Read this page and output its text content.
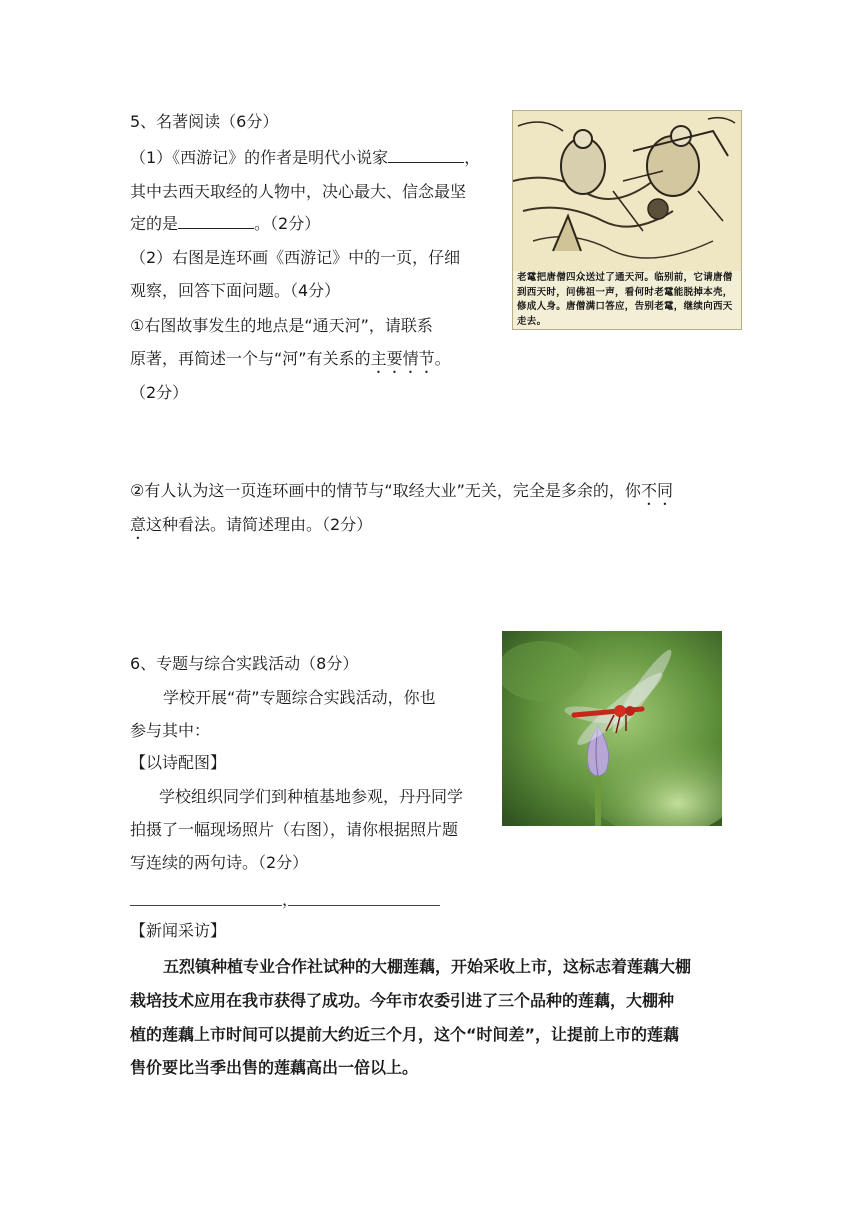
5、名著阅读（6分）
（1）《西游记》的作者是明代小说家	，
其中去西天取经的人物中，决心最大、信念最坚
定的是	。（2分）
（2）右图是连环画《西游记》中的一页，仔细
观察，回答下面问题。（4分）
①右图故事发生的地点是“通天河”，请联系
原著，再简述一个与“河”有关系的主要情节。
（2分）
②有人认为这一页连环画中的情节与“取经大业”无关，完全是多余的，你不同
意这种看法。请简述理由。（2分）
老鼋把唐僧四众送过了通天河。临别前，它请唐僧到西天时，问佛祖一声，看何时老鼋能脱掉本壳，修成人身。唐僧满口答应，告别老鼋，继续向西天走去。
6、专题与综合实践活动（8分）
学校开展“荷”专题综合实践活动，你也
参与其中：
【以诗配图】
学校组织同学们到种植基地参观，丹丹同学
拍摄了一幅现场照片（右图），请你根据照片题
写连续的两句诗。（2分）
，
【新闻采访】
五烈镇种植专业合作社试种的大棚莲藕，开始采收上市，这标志着莲藕大棚
栽培技术应用在我市获得了成功。今年市农委引进了三个品种的莲藕，大棚种
植的莲藕上市时间可以提前大约近三个月，这个“时间差”，让提前上市的莲藕
售价要比当季出售的莲藕高出一倍以上。
